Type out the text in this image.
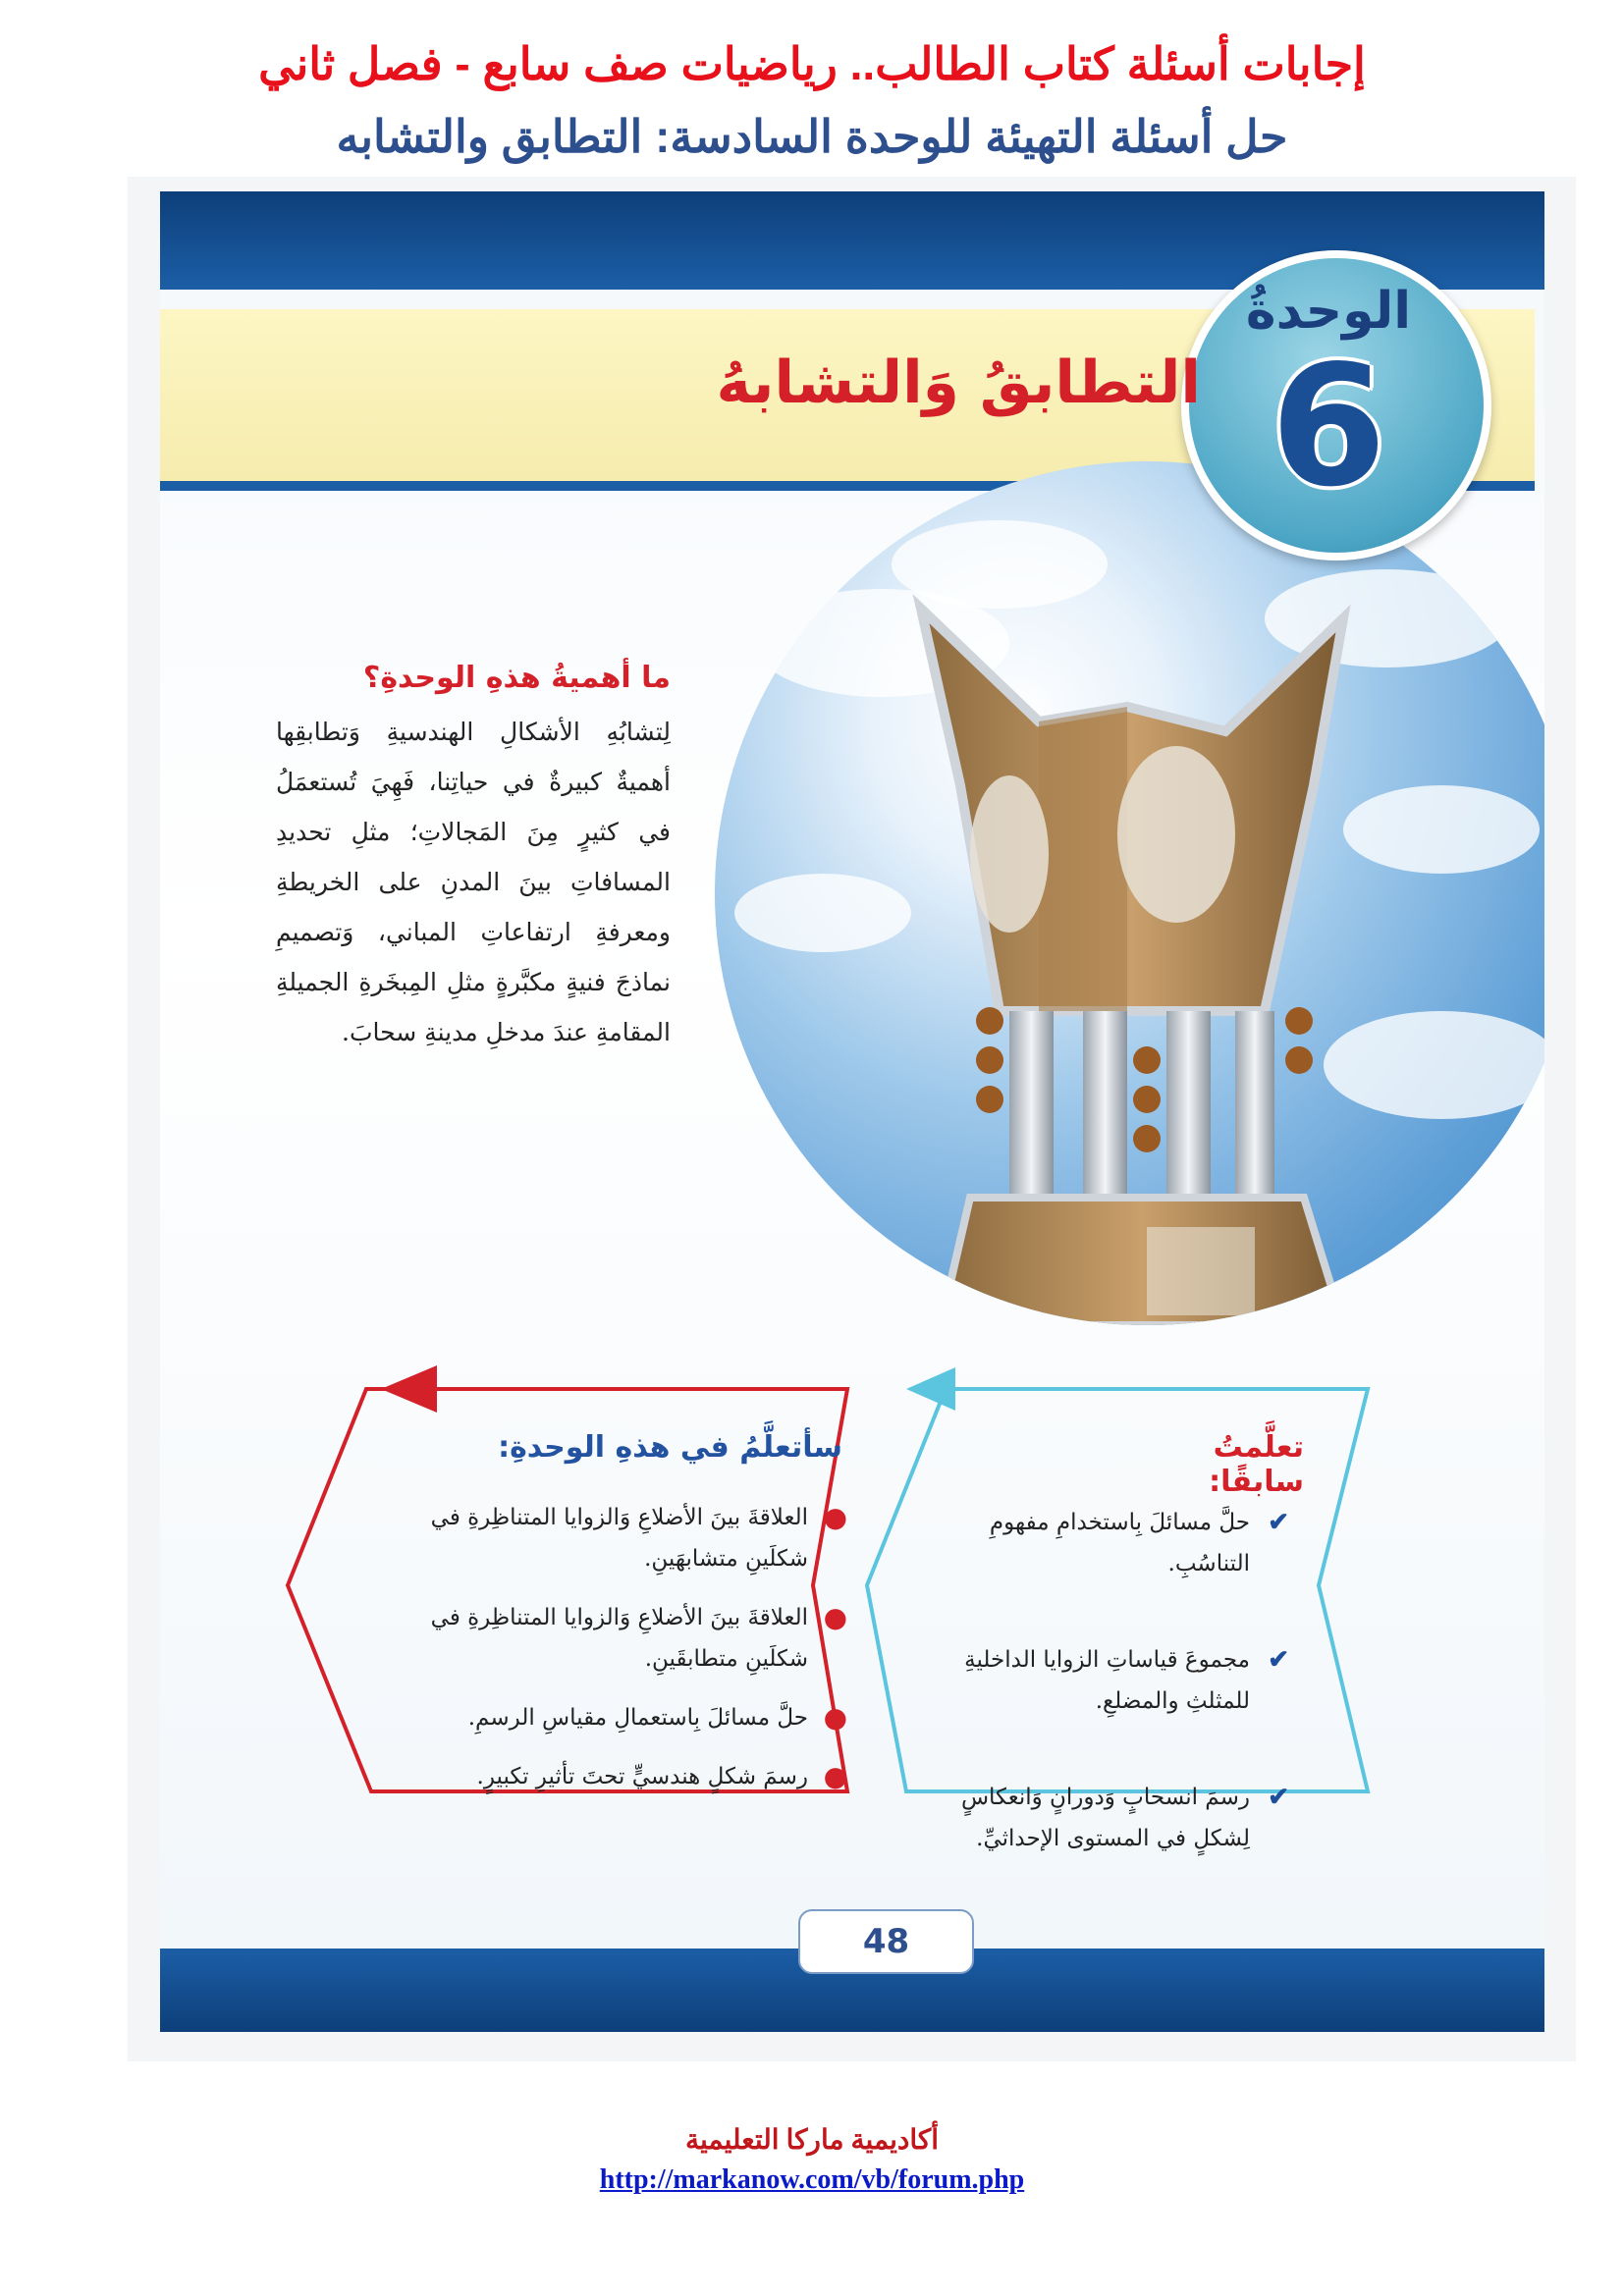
إجابات أسئلة كتاب الطالب.. رياضيات صف سابع - فصل ثاني
حل أسئلة التهيئة للوحدة السادسة: التطابق والتشابه
الوحدةُ
6
التطابقُ وَالتشابهُ
ما أهميةُ هذهِ الوحدةِ؟
لِتشابُهِ الأشكالِ الهندسيةِ وَتطابقِها أهميةٌ كبيرةٌ في حياتِنا، فَهِيَ تُستعمَلُ في كثيرٍ مِنَ المَجالاتِ؛ مثلِ تحديدِ المسافاتِ بينَ المدنِ على الخريطةِ ومعرفةِ ارتفاعاتِ المباني، وَتصميمِ نماذجَ فنيةٍ مكبَّرةٍ مثلِ المِبخَرةِ الجميلةِ المقامةِ عندَ مدخلِ مدينةِ سحابَ.
تعلَّمتُ سابقًا:
✔
حلَّ مسائلَ بِاستخدامِ مفهومِ التناسُبِ.
✔
مجموعَ قياساتِ الزوايا الداخليةِ للمثلثِ والمضلعِ.
✔
رسمَ انسحابٍ وَدورانٍ وَانعكاسٍ لِشكلٍ في المستوى الإحداثيِّ.
سأتعلَّمُ في هذهِ الوحدةِ:
●
العلاقةَ بينَ الأضلاعِ وَالزوايا المتناظِرةِ في شكلَينِ متشابهَينِ.
●
العلاقةَ بينَ الأضلاعِ وَالزوايا المتناظِرةِ في شكلَينِ متطابقَينِ.
●
حلَّ مسائلَ بِاستعمالِ مقياسِ الرسمِ.
●
رسمَ شكلٍ هندسيٍّ تحتَ تأثيرِ تكبيرٍ.
48
أكاديمية ماركا التعليمية
http://markanow.com/vb/forum.php
